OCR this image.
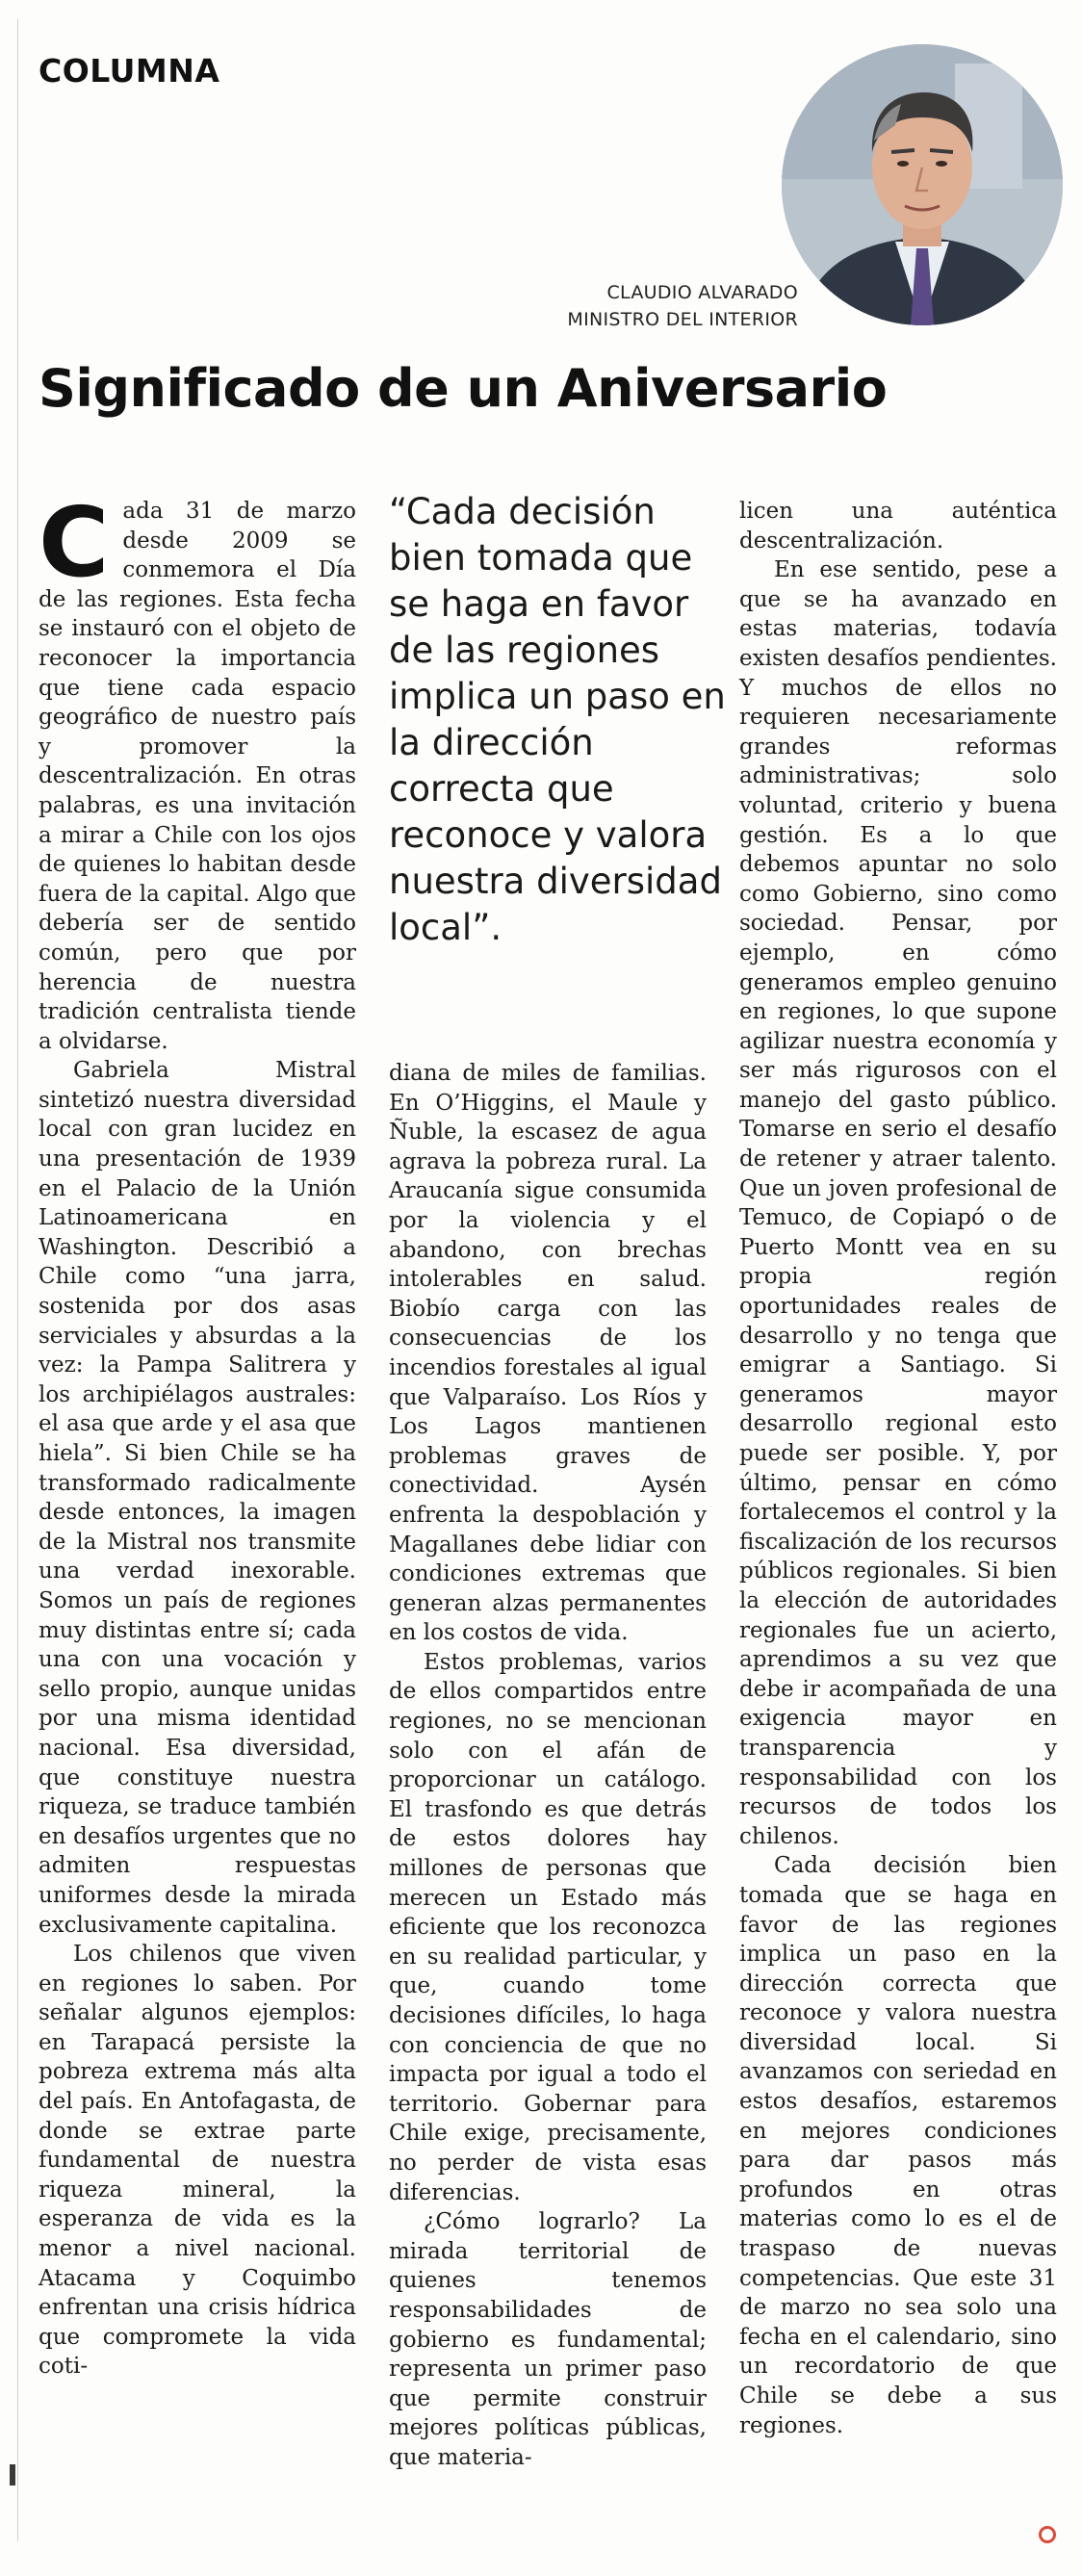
COLUMNA
CLAUDIO ALVARADO
MINISTRO DEL INTERIOR
Significado de un Aniversario

Cada 31 de marzo desde 2009 se conmemora el Día de las regiones. Esta fecha se instauró con el objeto de reconocer la importancia que tiene cada espacio geográfico de nuestro país y promover la descentralización. En otras palabras, es una invitación a mirar a Chile con los ojos de quienes lo habitan desde fuera de la capital. Algo que debería ser de sentido común, pero que por herencia de nuestra tradición centralista tiende a olvidarse.

Gabriela Mistral sintetizó nuestra diversidad local con gran lucidez en una presentación de 1939 en el Palacio de la Unión Latinoamericana en Washington. Describió a Chile como “una jarra, sostenida por dos asas serviciales y absurdas a la vez: la Pampa Salitrera y los archipiélagos australes: el asa que arde y el asa que hiela”. Si bien Chile se ha transformado radicalmente desde entonces, la imagen de la Mistral nos transmite una verdad inexorable. Somos un país de regiones muy distintas entre sí; cada una con una vocación y sello propio, aunque unidas por una misma identidad nacional. Esa diversidad, que constituye nuestra riqueza, se traduce también en desafíos urgentes que no admiten respuestas uniformes desde la mirada exclusivamente capitalina.

Los chilenos que viven en regiones lo saben. Por señalar algunos ejemplos: en Tarapacá persiste la pobreza extrema más alta del país. En Antofagasta, de donde se extrae parte fundamental de nuestra riqueza mineral, la esperanza de vida es la menor a nivel nacional. Atacama y Coquimbo enfrentan una crisis hídrica que compromete la vida coti-

“Cada decisión bien tomada que se haga en favor de las regiones implica un paso en la dirección correcta que reconoce y valora nuestra diversidad local”.

diana de miles de familias. En O’Higgins, el Maule y Ñuble, la escasez de agua agrava la pobreza rural. La Araucanía sigue consumida por la violencia y el abandono, con brechas intolerables en salud. Biobío carga con las consecuencias de los incendios forestales al igual que Valparaíso. Los Ríos y Los Lagos mantienen problemas graves de conectividad. Aysén enfrenta la despoblación y Magallanes debe lidiar con condiciones extremas que generan alzas permanentes en los costos de vida.

Estos problemas, varios de ellos compartidos entre regiones, no se mencionan solo con el afán de proporcionar un catálogo. El trasfondo es que detrás de estos dolores hay millones de personas que merecen un Estado más eficiente que los reconozca en su realidad particular, y que, cuando tome decisiones difíciles, lo haga con conciencia de que no impacta por igual a todo el territorio. Gobernar para Chile exige, precisamente, no perder de vista esas diferencias.

¿Cómo lograrlo? La mirada territorial de quienes tenemos responsabilidades de gobierno es fundamental; representa un primer paso que permite construir mejores políticas públicas, que materia-

licen una auténtica descentralización.

En ese sentido, pese a que se ha avanzado en estas materias, todavía existen desafíos pendientes. Y muchos de ellos no requieren necesariamente grandes reformas administrativas; solo voluntad, criterio y buena gestión. Es a lo que debemos apuntar no solo como Gobierno, sino como sociedad. Pensar, por ejemplo, en cómo generamos empleo genuino en regiones, lo que supone agilizar nuestra economía y ser más rigurosos con el manejo del gasto público. Tomarse en serio el desafío de retener y atraer talento. Que un joven profesional de Temuco, de Copiapó o de Puerto Montt vea en su propia región oportunidades reales de desarrollo y no tenga que emigrar a Santiago. Si generamos mayor desarrollo regional esto puede ser posible. Y, por último, pensar en cómo fortalecemos el control y la fiscalización de los recursos públicos regionales. Si bien la elección de autoridades regionales fue un acierto, aprendimos a su vez que debe ir acompañada de una exigencia mayor en transparencia y responsabilidad con los recursos de todos los chilenos.

Cada decisión bien tomada que se haga en favor de las regiones implica un paso en la dirección correcta que reconoce y valora nuestra diversidad local. Si avanzamos con seriedad en estos desafíos, estaremos en mejores condiciones para dar pasos más profundos en otras materias como lo es el de traspaso de nuevas competencias. Que este 31 de marzo no sea solo una fecha en el calendario, sino un recordatorio de que Chile se debe a sus regiones.
